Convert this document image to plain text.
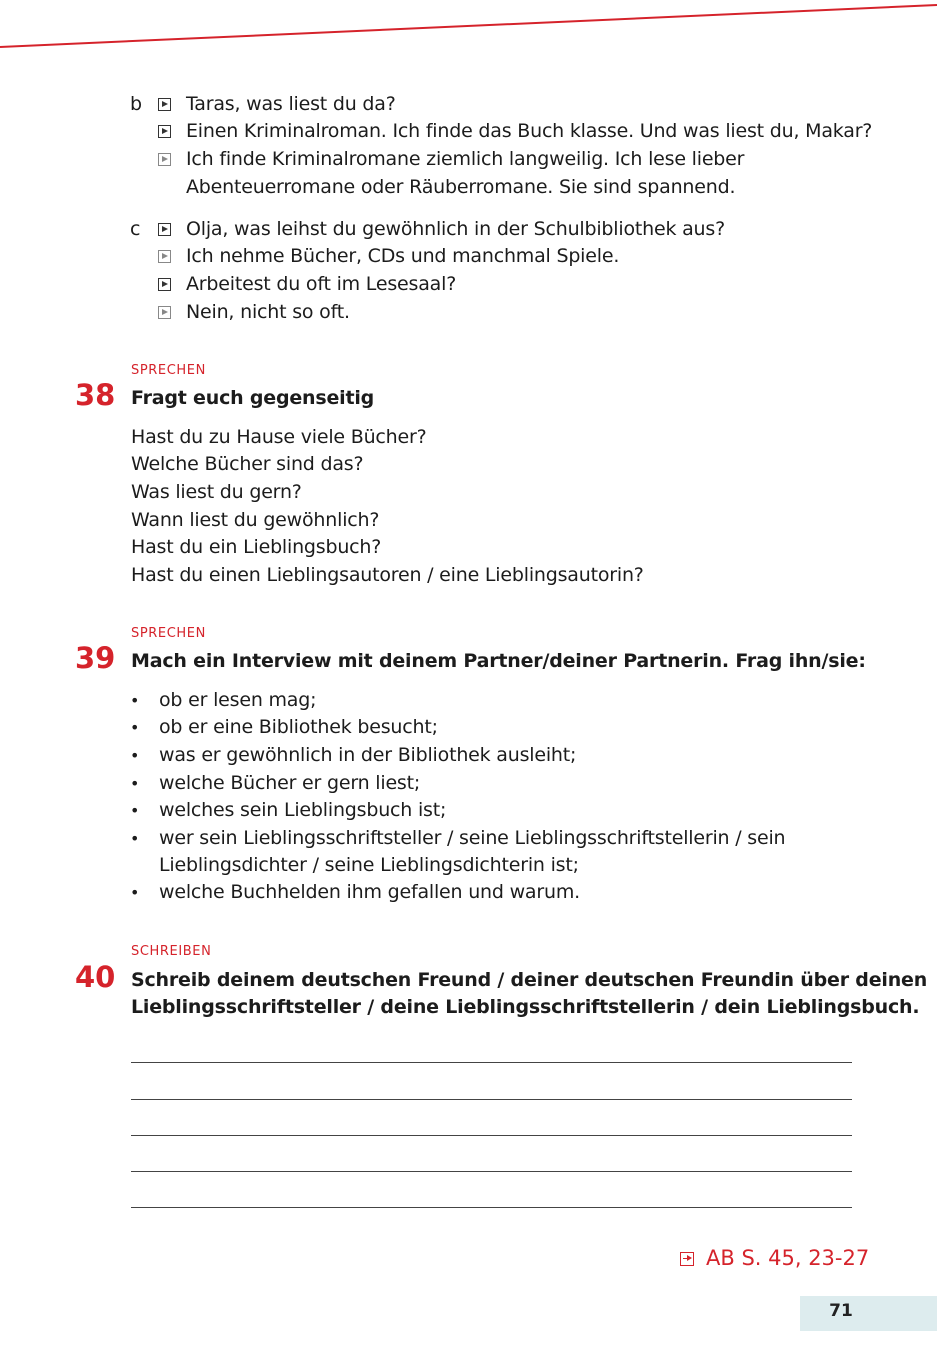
b	Taras, was liest du da?
Einen Kriminalroman. Ich finde das Buch klasse. Und was liest du, Makar?
Ich finde Kriminalromane ziemlich langweilig. Ich lese lieber
Abenteuerromane oder Räuberromane. Sie sind spannend.
c	Olja, was leihst du gewöhnlich in der Schulbibliothek aus?
Ich nehme Bücher, CDs und manchmal Spiele.
Arbeitest du oft im Lesesaal?
Nein, nicht so oft.
SPRECHEN
38 Fragt euch gegenseitig
Hast du zu Hause viele Bücher?
Welche Bücher sind das?
Was liest du gern?
Wann liest du gewöhnlich?
Hast du ein Lieblingsbuch?
Hast du einen Lieblingsautoren / eine Lieblingsautorin?
SPRECHEN
39 Mach ein Interview mit deinem Partner/deiner Partnerin. Frag ihn/sie:
• ob er lesen mag;
• ob er eine Bibliothek besucht;
• was er gewöhnlich in der Bibliothek ausleiht;
• welche Bücher er gern liest;
• welches sein Lieblingsbuch ist;
• wer sein Lieblingsschriftsteller / seine Lieblingsschriftstellerin / sein
Lieblingsdichter / seine Lieblingsdichterin ist;
• welche Buchhelden ihm gefallen und warum.
SCHREIBEN
40 Schreib deinem deutschen Freund / deiner deutschen Freundin über deinen
Lieblingsschriftsteller / deine Lieblingsschriftstellerin / dein Lieblingsbuch.
AB S. 45, 23-27
71
